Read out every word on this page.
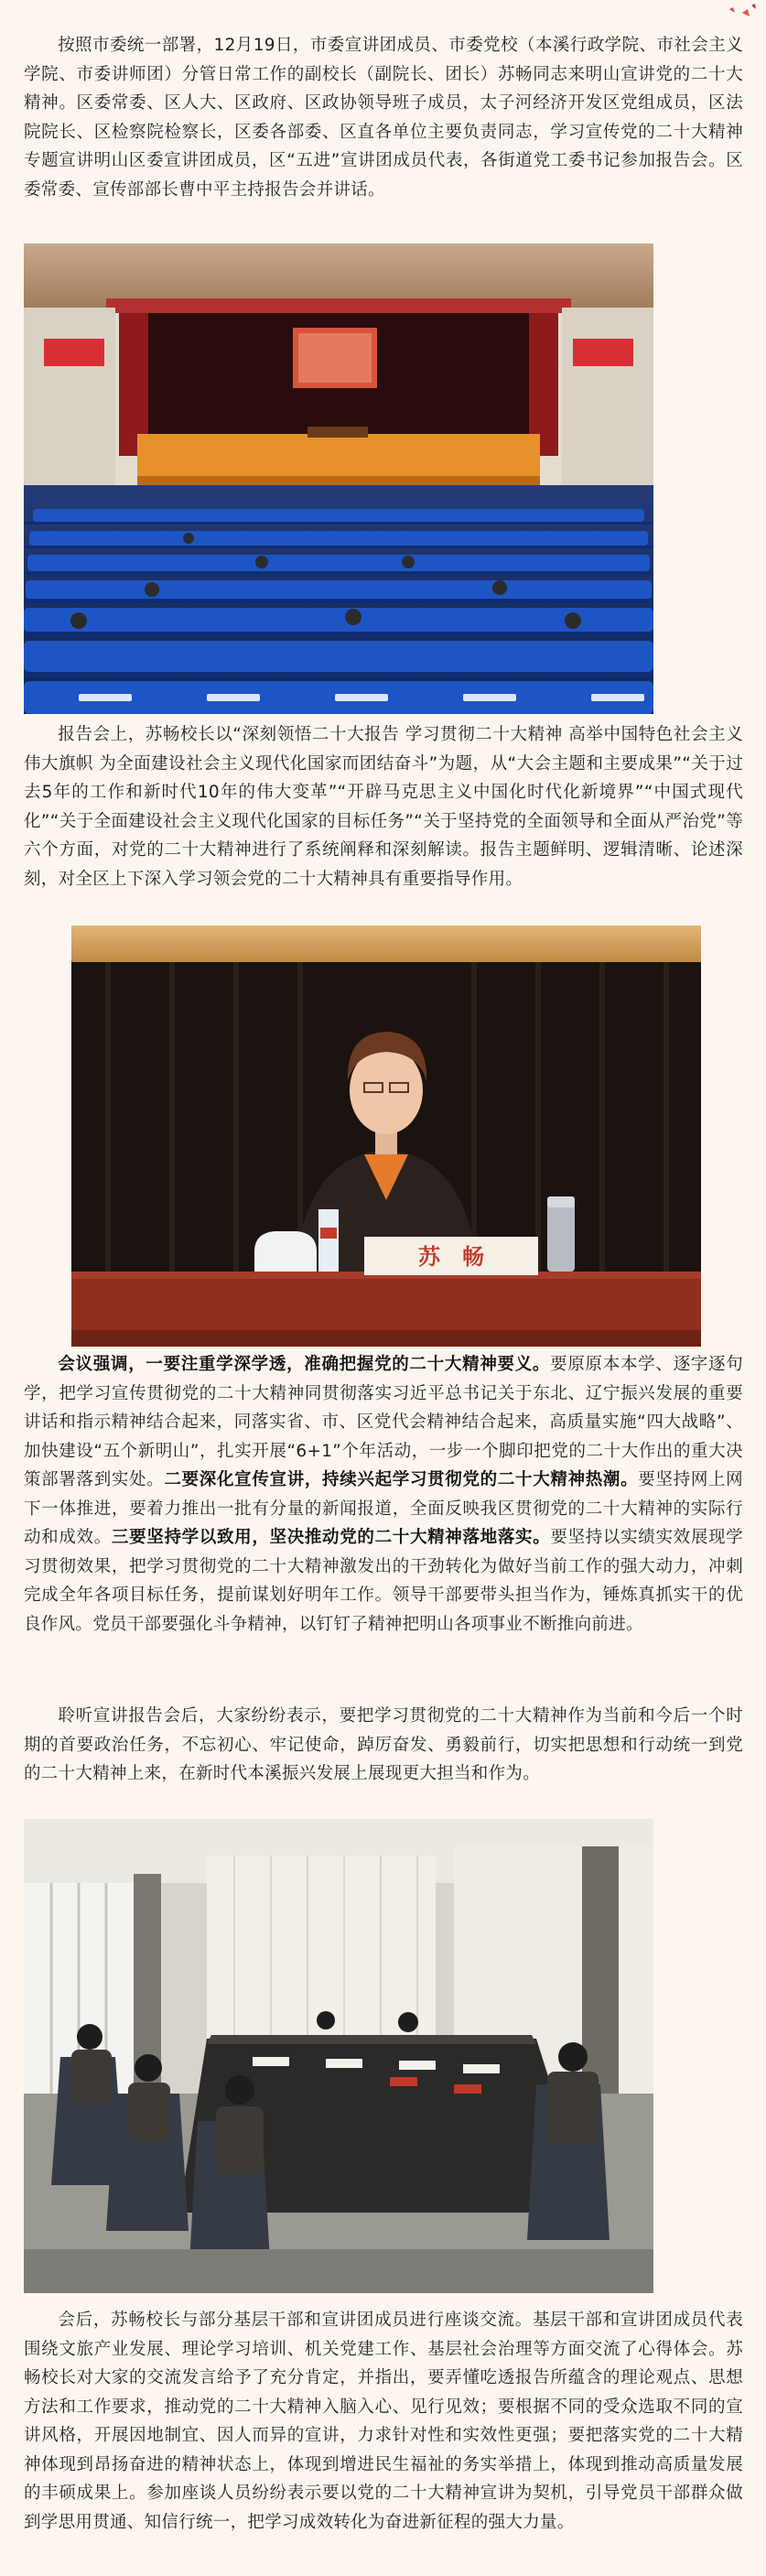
按照市委统一部署，12月19日，市委宣讲团成员、市委党校（本溪行政学院、市社会主义学院、市委讲师团）分管日常工作的副校长（副院长、团长）苏畅同志来明山宣讲党的二十大精神。区委常委、区人大、区政府、区政协领导班子成员，太子河经济开发区党组成员，区法院院长、区检察院检察长，区委各部委、区直各单位主要负责同志，学习宣传党的二十大精神专题宣讲明山区委宣讲团成员，区“五进”宣讲团成员代表，各街道党工委书记参加报告会。区委常委、宣传部部长曹中平主持报告会并讲话。

报告会上，苏畅校长以“深刻领悟二十大报告 学习贯彻二十大精神 高举中国特色社会主义伟大旗帜 为全面建设社会主义现代化国家而团结奋斗”为题，从“大会主题和主要成果”“关于过去5年的工作和新时代10年的伟大变革”“开辟马克思主义中国化时代化新境界”“中国式现代化”“关于全面建设社会主义现代化国家的目标任务”“关于坚持党的全面领导和全面从严治党”等六个方面，对党的二十大精神进行了系统阐释和深刻解读。报告主题鲜明、逻辑清晰、论述深刻，对全区上下深入学习领会党的二十大精神具有重要指导作用。

苏　畅

会议强调，一要注重学深学透，准确把握党的二十大精神要义。要原原本本学、逐字逐句学，把学习宣传贯彻党的二十大精神同贯彻落实习近平总书记关于东北、辽宁振兴发展的重要讲话和指示精神结合起来，同落实省、市、区党代会精神结合起来，高质量实施“四大战略”、加快建设“五个新明山”，扎实开展“6+1”个年活动，一步一个脚印把党的二十大作出的重大决策部署落到实处。二要深化宣传宣讲，持续兴起学习贯彻党的二十大精神热潮。要坚持网上网下一体推进，要着力推出一批有分量的新闻报道，全面反映我区贯彻党的二十大精神的实际行动和成效。三要坚持学以致用，坚决推动党的二十大精神落地落实。要坚持以实绩实效展现学习贯彻效果，把学习贯彻党的二十大精神激发出的干劲转化为做好当前工作的强大动力，冲刺完成全年各项目标任务，提前谋划好明年工作。领导干部要带头担当作为，锤炼真抓实干的优良作风。党员干部要强化斗争精神，以钉钉子精神把明山各项事业不断推向前进。

聆听宣讲报告会后，大家纷纷表示，要把学习贯彻党的二十大精神作为当前和今后一个时期的首要政治任务，不忘初心、牢记使命，踔厉奋发、勇毅前行，切实把思想和行动统一到党的二十大精神上来，在新时代本溪振兴发展上展现更大担当和作为。

会后，苏畅校长与部分基层干部和宣讲团成员进行座谈交流。基层干部和宣讲团成员代表围绕文旅产业发展、理论学习培训、机关党建工作、基层社会治理等方面交流了心得体会。苏畅校长对大家的交流发言给予了充分肯定，并指出，要弄懂吃透报告所蕴含的理论观点、思想方法和工作要求，推动党的二十大精神入脑入心、见行见效；要根据不同的受众选取不同的宣讲风格，开展因地制宜、因人而异的宣讲，力求针对性和实效性更强；要把落实党的二十大精神体现到昂扬奋进的精神状态上，体现到增进民生福祉的务实举措上，体现到推动高质量发展的丰硕成果上。参加座谈人员纷纷表示要以党的二十大精神宣讲为契机，引导党员干部群众做到学思用贯通、知信行统一，把学习成效转化为奋进新征程的强大力量。
